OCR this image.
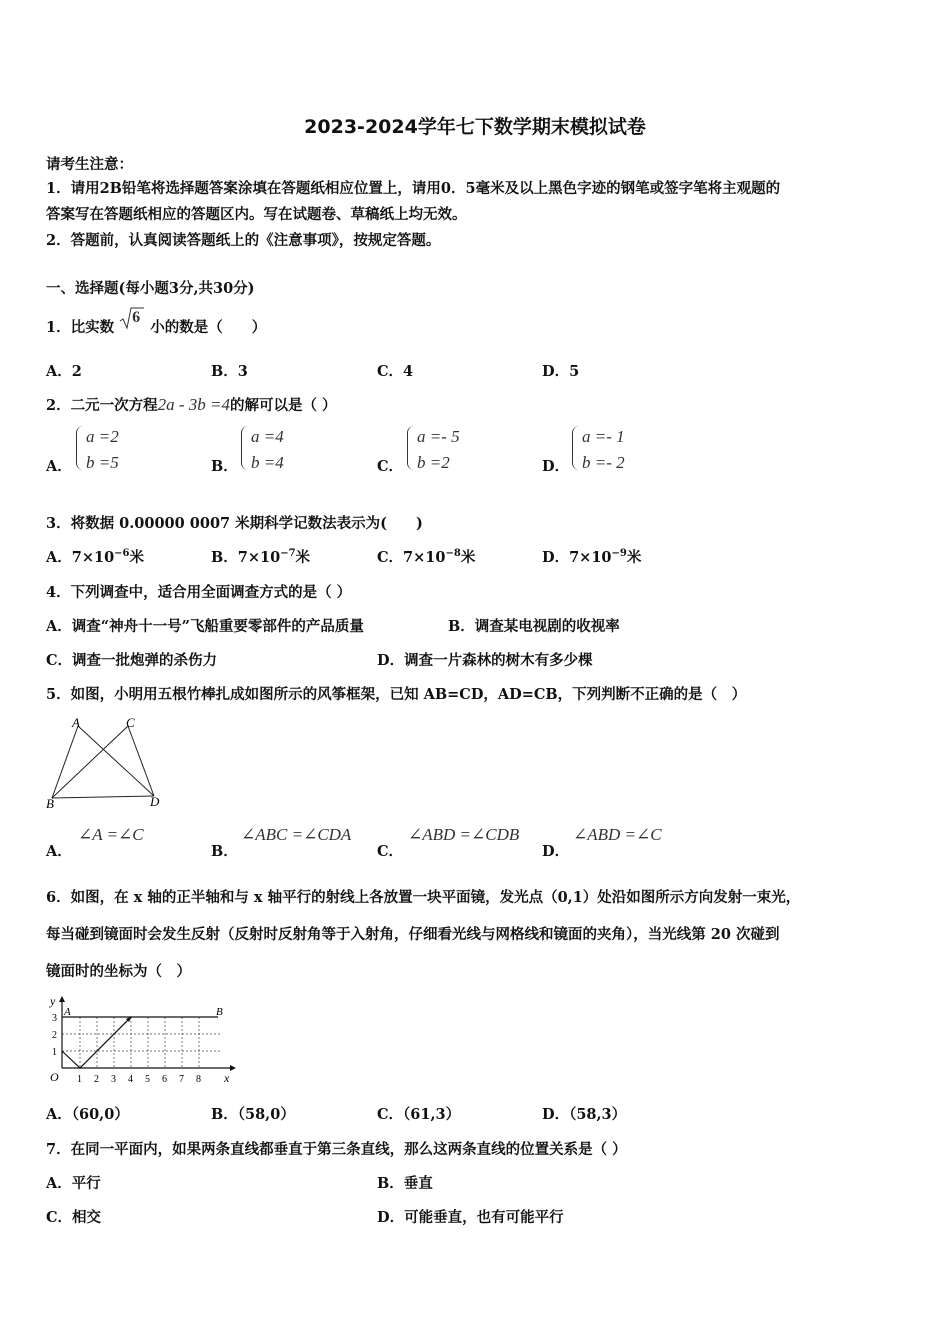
2023-2024学年七下数学期末模拟试卷
请考生注意：
1．请用2B铅笔将选择题答案涂填在答题纸相应位置上，请用0．5毫米及以上黑色字迹的钢笔或签字笔将主观题的
答案写在答题纸相应的答题区内。写在试题卷、草稿纸上均无效。
2．答题前，认真阅读答题纸上的《注意事项》，按规定答题。
一、选择题(每小题3分,共30分)
1．比实数
6
小的数是（　　）
A．2	B．3	C．4	D．5
2．二元一次方程2a - 3b =4的解可以是（ ）
A．
a =2
b =5	B．
a =4
b =4	C．
a =- 5
b =2	D．
a =- 1
b =- 2
3．将数据 0.00000 0007 米期科学记数法表示为(　　)
A．$7\times 10^{-6}$米	B．$7\times 10^{-7}$米	C．$7\times 10^{-8}$米	D．$7\times 10^{-9}$米
4．下列调查中，适合用全面调查方式的是（ ）
A．调查“神舟十一号”飞船重要零部件的产品质量	B．调查某电视剧的收视率
C．调查一批炮弹的杀伤力	D．调查一片森林的树木有多少棵
5．如图，小明用五根竹棒扎成如图所示的风筝框架，已知 AB=CD，AD=CB，下列判断不正确的是（　）
A	C
B	D
A．
∠A =∠C
B．
∠ABC =∠CDA
C．
∠ABD =∠CDB
D．
∠ABD =∠C
6．如图，在 x 轴的正半轴和与 x 轴平行的射线上各放置一块平面镜，发光点（0,1）处沿如图所示方向发射一束光，
每当碰到镜面时会发生反射（反射时反射角等于入射角，仔细看光线与网格线和镜面的夹角），当光线第 20 次碰到
镜面时的坐标为（　）
y
x
O
A	B
1
2
3
1 2 3 4 5 6 7 8
A．（60,0）	B．（58,0）	C．（61,3）	D．（58,3）
7．在同一平面内，如果两条直线都垂直于第三条直线，那么这两条直线的位置关系是（ ）
A．平行	B．垂直
C．相交	D．可能垂直，也有可能平行
